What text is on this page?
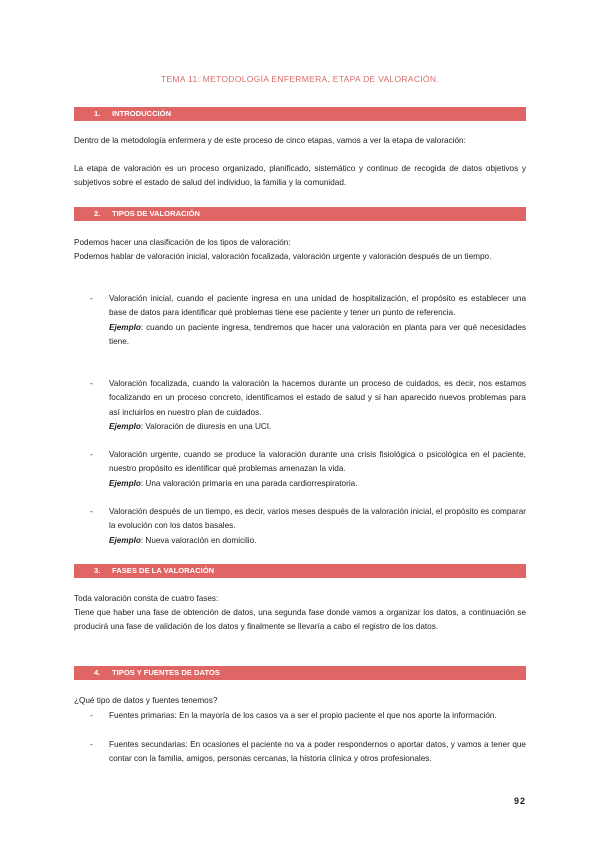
TEMA 11: METODOLOGÍA ENFERMERA, ETAPA DE VALORACIÓN.
1. INTRODUCCIÓN
Dentro de la metodología enfermera y de este proceso de cinco etapas, vamos a ver la etapa de valoración:
La etapa de valoración es un proceso organizado, planificado, sistemático y continuo de recogida de datos objetivos y subjetivos sobre el estado de salud del individuo, la familia y la comunidad.
2. TIPOS DE VALORACIÓN
Podemos hacer una clasificación de los tipos de valoración:
Podemos hablar de valoración inicial, valoración focalizada, valoración urgente y valoración después de un tiempo.
- Valoración inicial, cuando el paciente ingresa en una unidad de hospitalización, el propósito es establecer una base de datos para identificar qué problemas tiene ese paciente y tener un punto de referencia.
Ejemplo: cuando un paciente ingresa, tendremos que hacer una valoración en planta para ver qué necesidades tiene.
- Valoración focalizada, cuando la valoración la hacemos durante un proceso de cuidados, es decir, nos estamos focalizando en un proceso concreto, identificamos el estado de salud y si han aparecido nuevos problemas para así incluirlos en nuestro plan de cuidados.
Ejemplo: Valoración de diuresis en una UCI.
- Valoración urgente, cuando se produce la valoración durante una crisis fisiológica o psicológica en el paciente, nuestro propósito es identificar qué problemas amenazan la vida.
Ejemplo: Una valoración primaria en una parada cardiorrespiratoria.
- Valoración después de un tiempo, es decir, varios meses después de la valoración inicial, el propósito es comparar la evolución con los datos basales.
Ejemplo: Nueva valoración en domicilio.
3. FASES DE LA VALORACIÓN
Toda valoración consta de cuatro fases:
Tiene que haber una fase de obtención de datos, una segunda fase donde vamos a organizar los datos, a continuación se producirá una fase de validación de los datos y finalmente se llevaría a cabo el registro de los datos.
4. TIPOS Y FUENTES DE DATOS
¿Qué tipo de datos y fuentes tenemos?
- Fuentes primarias: En la mayoría de los casos va a ser el propio paciente el que nos aporte la información.
- Fuentes secundarias: En ocasiones el paciente no va a poder respondernos o aportar datos, y vamos a tener que contar con la familia, amigos, personas cercanas, la historia clínica y otros profesionales.
92
